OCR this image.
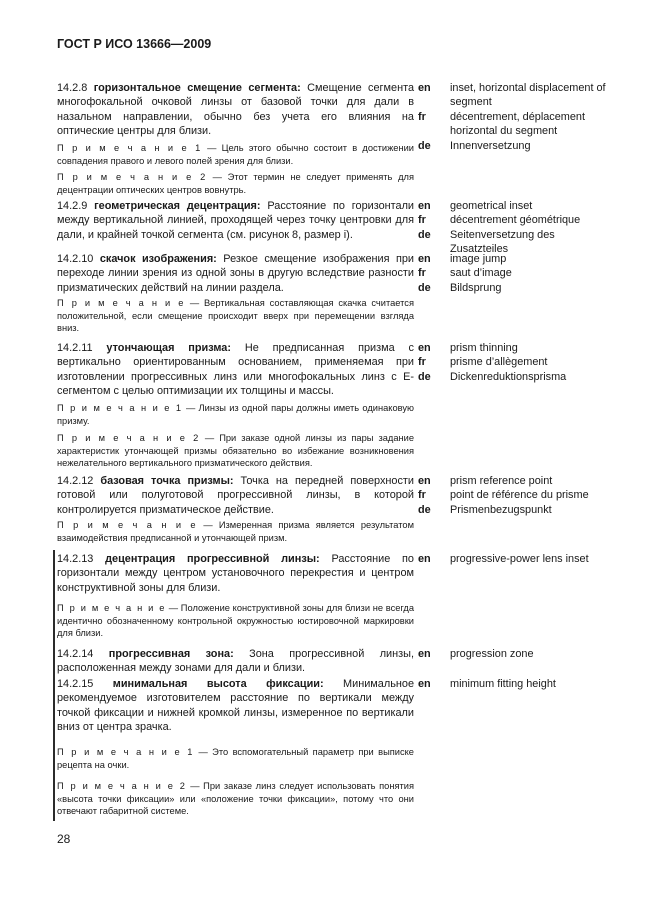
ГОСТ Р ИСО 13666—2009
14.2.8 горизонтальное смещение сегмента: Смещение сегмента многофокальной очковой линзы от базовой точки для дали в назальном направлении, обычно без учета его влияния на оптические центры для близи.
П р и м е ч а н и е 1 — Цель этого обычно состоит в достижении совпадения правого и левого полей зрения для близи.
П р и м е ч а н и е 2 — Этот термин не следует применять для децентрации оптических центров вовнутрь.
en	inset, horizontal displacement of segment
fr	décentrement, déplacement horizontal du segment
de	Innenversetzung
14.2.9 геометрическая децентрация: Расстояние по горизонтали между вертикальной линией, проходящей через точку центровки для дали, и крайней точкой сегмента (см. рисунок 8, размер i).
en	geometrical inset
fr	décentrement géométrique
de	Seitenversetzung des Zusatzteiles
14.2.10 скачок изображения: Резкое смещение изображения при переходе линии зрения из одной зоны в другую вследствие разности призматических действий на линии раздела.
П р и м е ч а н и е — Вертикальная составляющая скачка считается положительной, если смещение происходит вверх при перемещении взгляда вниз.
en	image jump
fr	saut d’image
de	Bildsprung
14.2.11 утончающая призма: Не предписанная призма с вертикально ориентированным основанием, применяемая при изготовлении прогрессивных линз или многофокальных линз с E-сегментом с целью оптимизации их толщины и массы.
П р и м е ч а н и е 1 — Линзы из одной пары должны иметь одинаковую призму.
П р и м е ч а н и е 2 — При заказе одной линзы из пары задание характеристик утончающей призмы обязательно во избежание возникновения нежелательного вертикального призматического действия.
en	prism thinning
fr	prisme d’allègement
de	Dickenreduktionsprisma
14.2.12 базовая точка призмы: Точка на передней поверхности готовой или полуготовой прогрессивной линзы, в которой контролируется призматическое действие.
П р и м е ч а н и е — Измеренная призма является результатом взаимодействия предписанной и утончающей призм.
en	prism reference point
fr	point de référence du prisme
de	Prismenbezugspunkt
14.2.13 децентрация прогрессивной линзы: Расстояние по горизонтали между центром установочного перекрестия и центром конструктивной зоны для близи.
П р и м е ч а н и е — Положение конструктивной зоны для близи не всегда идентично обозначенному контрольной окружностью юстировочной маркировки для близи.
en	progressive-power lens inset
14.2.14 прогрессивная зона: Зона прогрессивной линзы, расположенная между зонами для дали и близи.
en	progression zone
14.2.15 минимальная высота фиксации: Минимальное рекомендуемое изготовителем расстояние по вертикали между точкой фиксации и нижней кромкой линзы, измеренное по вертикали вниз от центра зрачка.
П р и м е ч а н и е 1 — Это вспомогательный параметр при выписке рецепта на очки.
П р и м е ч а н и е 2 — При заказе линз следует использовать понятия «высота точки фиксации» или «положение точки фиксации», потому что они отвечают габаритной системе.
en	minimum fitting height
28
